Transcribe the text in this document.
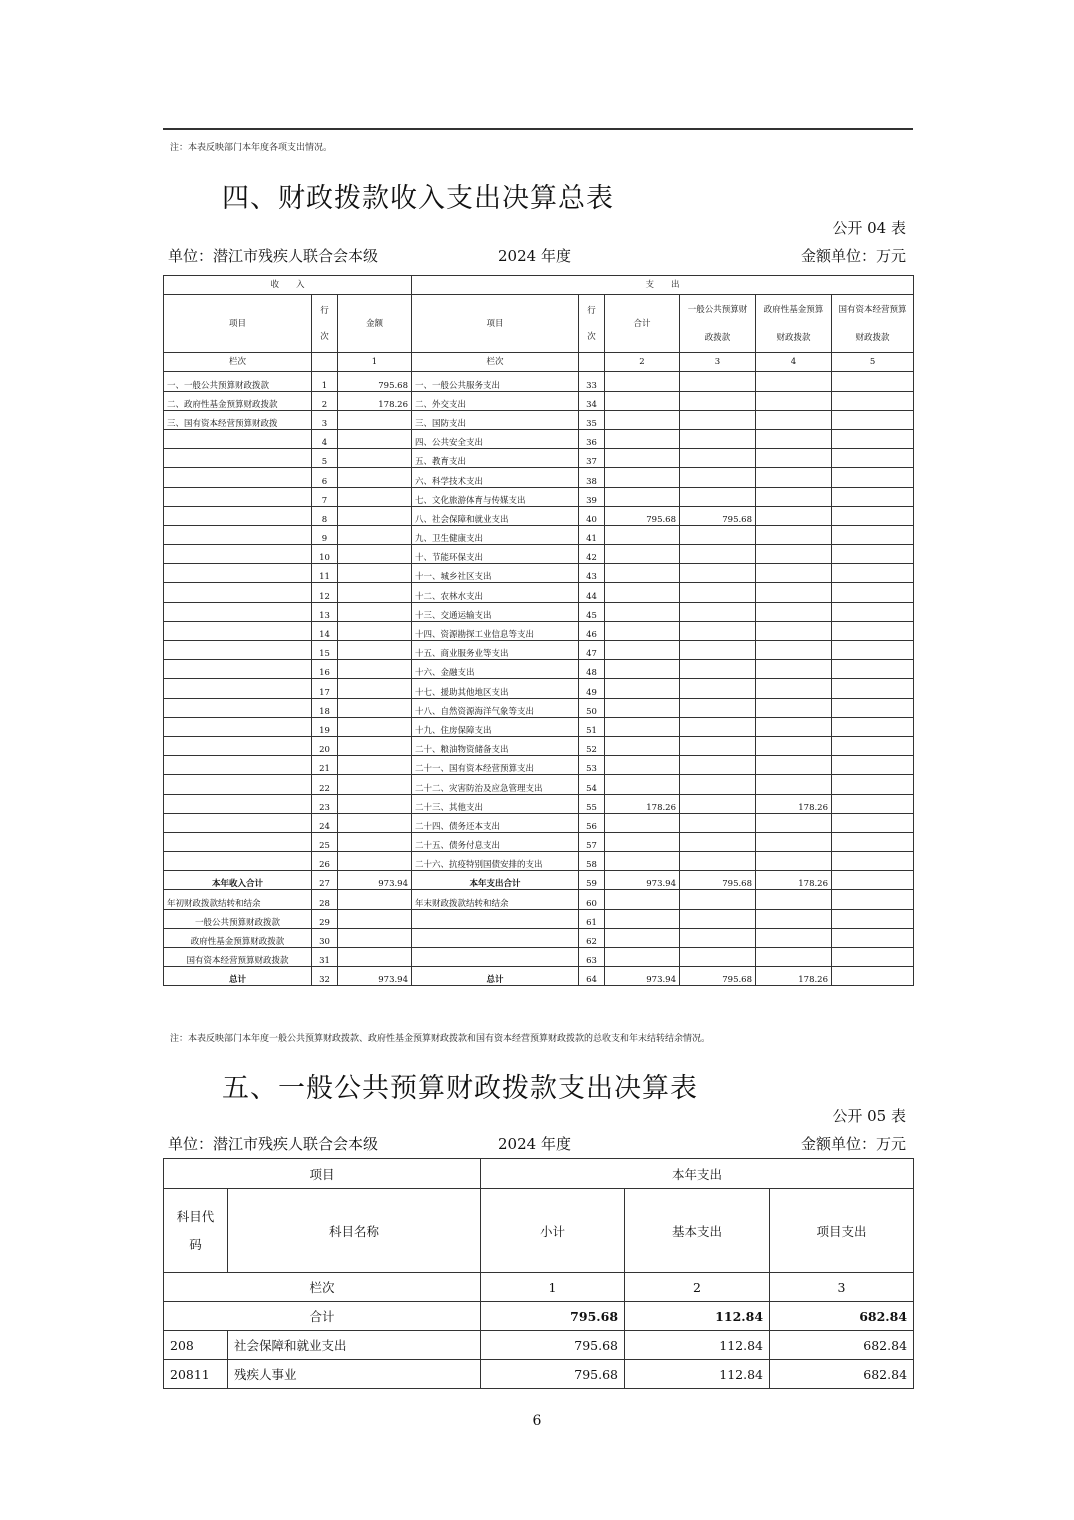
注：本表反映部门本年度各项支出情况。
四、财政拨款收入支出决算总表
公开 04 表
单位：潜江市残疾人联合会本级	2024 年度	金额单位：万元
收　　入			支　　出					
项目	行次	金额	项目	行次	合计	一般公共预算财政拨款	政府性基金预算财政拨款	国有资本经营预算财政拨款
栏次		1	栏次		2	3	4	5
一、一般公共预算财政拨款	1	795.68	一、一般公共服务支出	33				
二、政府性基金预算财政拨款	2	178.26	二、外交支出	34				
三、国有资本经营预算财政拨	3		三、国防支出	35				
	4		四、公共安全支出	36				
	5		五、教育支出	37				
	6		六、科学技术支出	38				
	7		七、文化旅游体育与传媒支出	39				
	8		八、社会保障和就业支出	40	795.68	795.68		
	9		九、卫生健康支出	41				
	10		十、节能环保支出	42				
	11		十一、城乡社区支出	43				
	12		十二、农林水支出	44				
	13		十三、交通运输支出	45				
	14		十四、资源勘探工业信息等支出	46				
	15		十五、商业服务业等支出	47				
	16		十六、金融支出	48				
	17		十七、援助其他地区支出	49				
	18		十八、自然资源海洋气象等支出	50				
	19		十九、住房保障支出	51				
	20		二十、粮油物资储备支出	52				
	21		二十一、国有资本经营预算支出	53				
	22		二十二、灾害防治及应急管理支出	54				
	23		二十三、其他支出	55	178.26		178.26	
	24		二十四、债务还本支出	56				
	25		二十五、债务付息支出	57				
	26		二十六、抗疫特别国债安排的支出	58				
本年收入合计	27	973.94	本年支出合计	59	973.94	795.68	178.26	
年初财政拨款结转和结余	28		年末财政拨款结转和结余	60				
一般公共预算财政拨款	29			61				
政府性基金预算财政拨款	30			62				
国有资本经营预算财政拨款	31			63				
总计	32	973.94	总计	64	973.94	795.68	178.26	
注：本表反映部门本年度一般公共预算财政拨款、政府性基金预算财政拨款和国有资本经营预算财政拨款的总收支和年末结转结余情况。
五、一般公共预算财政拨款支出决算表
公开 05 表
单位：潜江市残疾人联合会本级	2024 年度	金额单位：万元
项目		本年支出		
科目代码	科目名称	小计	基本支出	项目支出
栏次		1	2	3
合计		795.68	112.84	682.84
208	社会保障和就业支出	795.68	112.84	682.84
20811	残疾人事业	795.68	112.84	682.84
6
